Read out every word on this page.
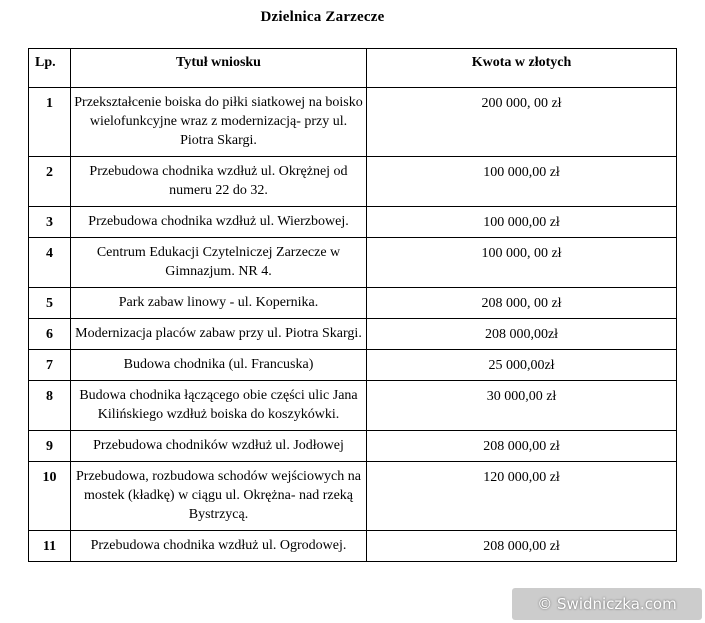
Dzielnica Zarzecze
Lp.	Tytuł wniosku	Kwota w złotych
1	Przekształcenie boiska do piłki siatkowej na boisko wielofunkcyjne wraz z modernizacją- przy ul. Piotra Skargi.	200 000, 00 zł
2	Przebudowa chodnika wzdłuż ul. Okrężnej od numeru 22 do 32.	100 000,00 zł
3	Przebudowa chodnika wzdłuż ul. Wierzbowej.	100 000,00 zł
4	Centrum Edukacji Czytelniczej Zarzecze w Gimnazjum. NR 4.	100 000, 00 zł
5	Park zabaw linowy - ul. Kopernika.	208 000, 00 zł
6	Modernizacja placów zabaw przy ul. Piotra Skargi.	208 000,00zł
7	Budowa chodnika (ul. Francuska)	25 000,00zł
8	Budowa chodnika łączącego obie części ulic Jana Kilińskiego wzdłuż boiska do koszykówki.	30 000,00 zł
9	Przebudowa chodników wzdłuż ul. Jodłowej	208 000,00 zł
10	Przebudowa, rozbudowa schodów wejściowych na mostek (kładkę) w ciągu ul. Okrężna- nad rzeką Bystrzycą.	120 000,00 zł
11	Przebudowa chodnika wzdłuż ul. Ogrodowej.	208 000,00 zł
© Swidniczka.com
